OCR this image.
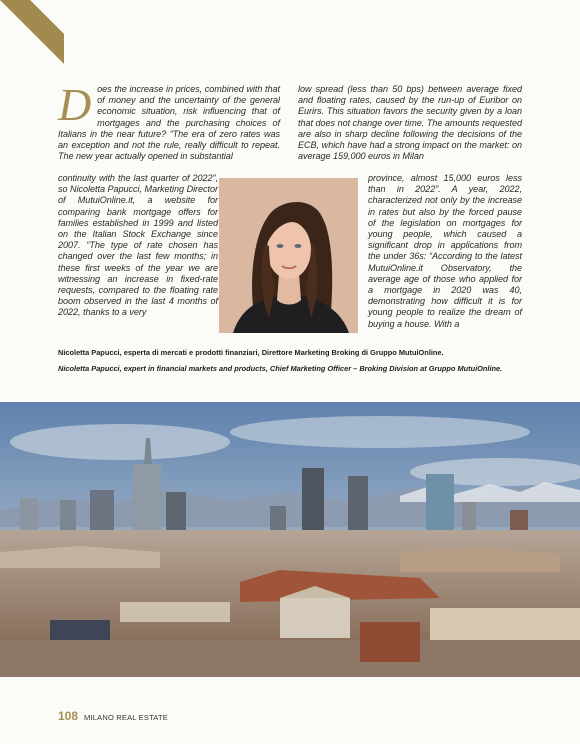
Does the increase in prices, combined with that of money and the uncertainty of the general economic situation, risk influencing that of mortgages and the purchasing choices of Italians in the near future? “The era of zero rates was an exception and not the rule, really difficult to repeat. The new year actually opened in substantial
continuity with the last quarter of 2022”, so Nicoletta Papucci, Marketing Director of MutuiOnline.it, a website for comparing bank mortgage offers for families established in 1999 and listed on the Italian Stock Exchange since 2007. “The type of rate chosen has changed over the last few months; in these first weeks of the year we are witnessing an increase in fixed-rate requests, compared to the floating rate boom observed in the last 4 months of 2022, thanks to a very
low spread (less than 50 bps) between average fixed and floating rates, caused by the run-up of Euribor on Eurirs. This situation favors the security given by a loan that does not change over time. The amounts requested are also in sharp decline following the decisions of the ECB, which have had a strong impact on the market: on average 159,000 euros in Milan
province, almost 15,000 euros less than in 2022”. A year, 2022, characterized not only by the increase in rates but also by the forced pause of the legislation on mortgages for young people, which caused a significant drop in applications from the under 36s: “According to the latest MutuiOnline.it Observatory, the average age of those who applied for a mortgage in 2020 was 40, demonstrating how difficult it is for young people to realize the dream of buying a house. With a
Nicoletta Papucci, esperta di mercati e prodotti finanziari, Direttore Marketing Broking di Gruppo MutuiOnline.
Nicoletta Papucci, expert in financial markets and products, Chief Marketing Officer – Broking Division at Gruppo MutuiOnline.
108 MILANO REAL ESTATE
